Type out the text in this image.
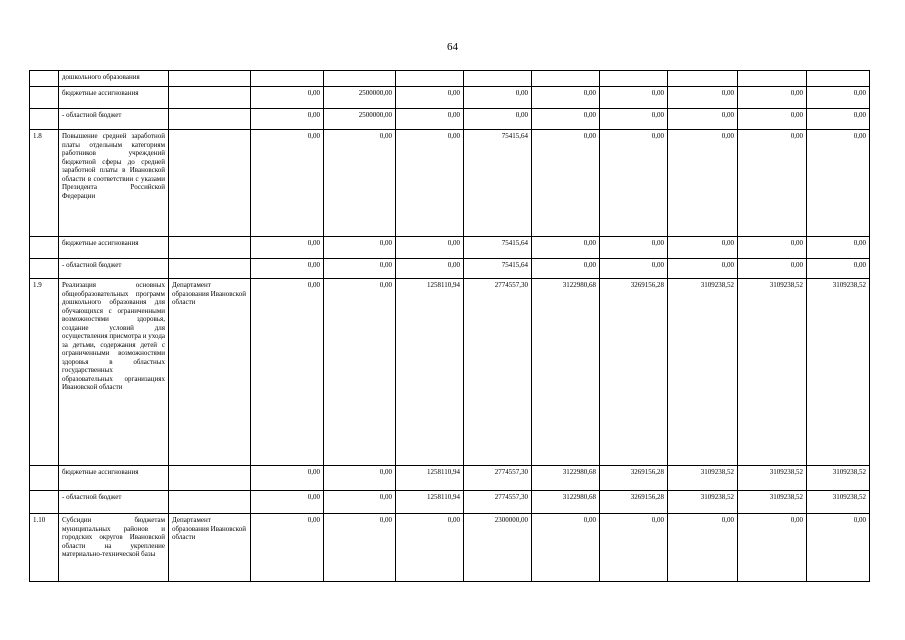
64
	дошкольного образования										
	бюджетные ассигнования		0,00	2500000,00	0,00	0,00	0,00	0,00	0,00	0,00	0,00
	- областной бюджет		0,00	2500000,00	0,00	0,00	0,00	0,00	0,00	0,00	0,00
1.8	Повышение средней заработной платы отдельным категориям работников учреждений бюджетной сферы до средней заработной платы в Ивановской области в соответствии с указами Президента Российской Федерации		0,00	0,00	0,00	75415,64	0,00	0,00	0,00	0,00	0,00
	бюджетные ассигнования		0,00	0,00	0,00	75415,64	0,00	0,00	0,00	0,00	0,00
	- областной бюджет		0,00	0,00	0,00	75415,64	0,00	0,00	0,00	0,00	0,00
1.9	Реализация основных общеобразовательных программ дошкольного образования для обучающихся с ограниченными возможностями здоровья, создание условий для осуществления присмотра и ухода за детьми, содержания детей с ограниченными возможностями здоровья в областных государственных образовательных организациях Ивановской области	Департамент образования Ивановской области	0,00	0,00	1258110,94	2774557,30	3122980,68	3269156,28	3109238,52	3109238,52	3109238,52
	бюджетные ассигнования		0,00	0,00	1258110,94	2774557,30	3122980,68	3269156,28	3109238,52	3109238,52	3109238,52
	- областной бюджет		0,00	0,00	1258110,94	2774557,30	3122980,68	3269156,28	3109238,52	3109238,52	3109238,52
1.10	Субсидии бюджетам муниципальных районов и городских округов Ивановской области на укрепление материально-технической базы	Департамент образования Ивановской области	0,00	0,00	0,00	2300000,00	0,00	0,00	0,00	0,00	0,00
